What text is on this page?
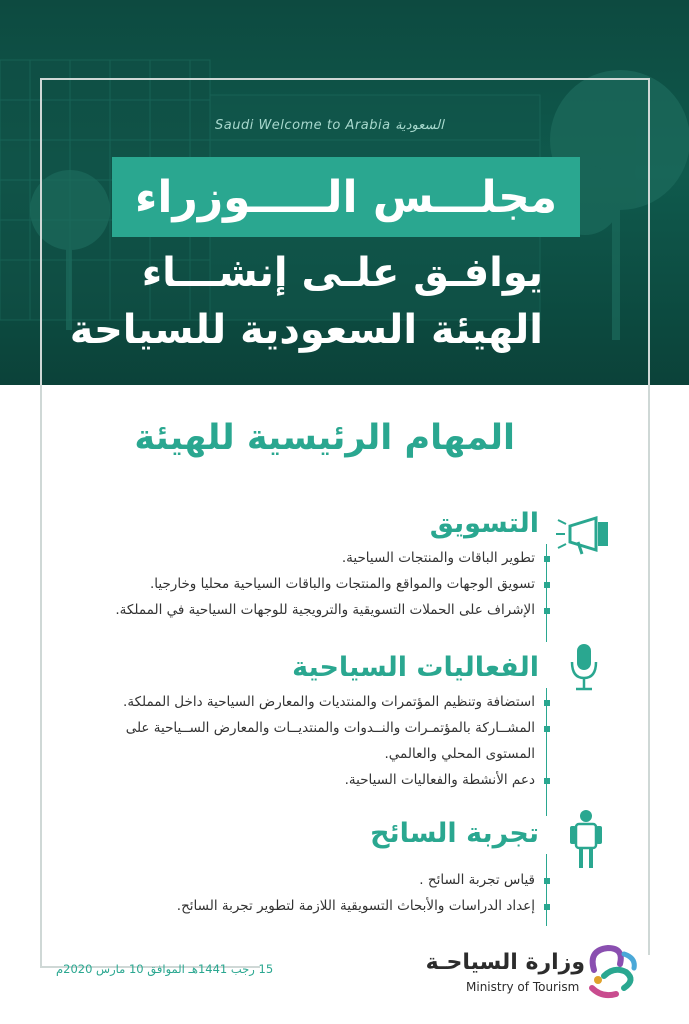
Saudi Welcome to Arabia السعودية
مجلـــس الـــــوزراء
يوافـق علـى إنشـــاء
الهيئة السعودية للسياحة
المهام الرئيسية للهيئة
التسويق
تطوير الباقات والمنتجات السياحية.
تسويق الوجهات والمواقع والمنتجات والباقات السياحية محليا وخارجيا.
الإشراف على الحملات التسويقية والترويجية للوجهات السياحية في المملكة.
الفعاليات السياحية
استضافة وتنظيم المؤتمرات والمنتديات والمعارض السياحية داخل المملكة.
المشــاركة بالمؤتمـرات والنــدوات والمنتديــات والمعارض الســياحية على
المستوى المحلي والعالمي.
دعم الأنشطة والفعاليات السياحية.
تجربة السائح
قياس تجربة السائح .
إعداد الدراسات والأبحاث التسويقية اللازمة لتطوير تجربة السائح.
15 رجب 1441هـ الموافق 10 مارس 2020م	وزارة السياحـة
Ministry of Tourism
